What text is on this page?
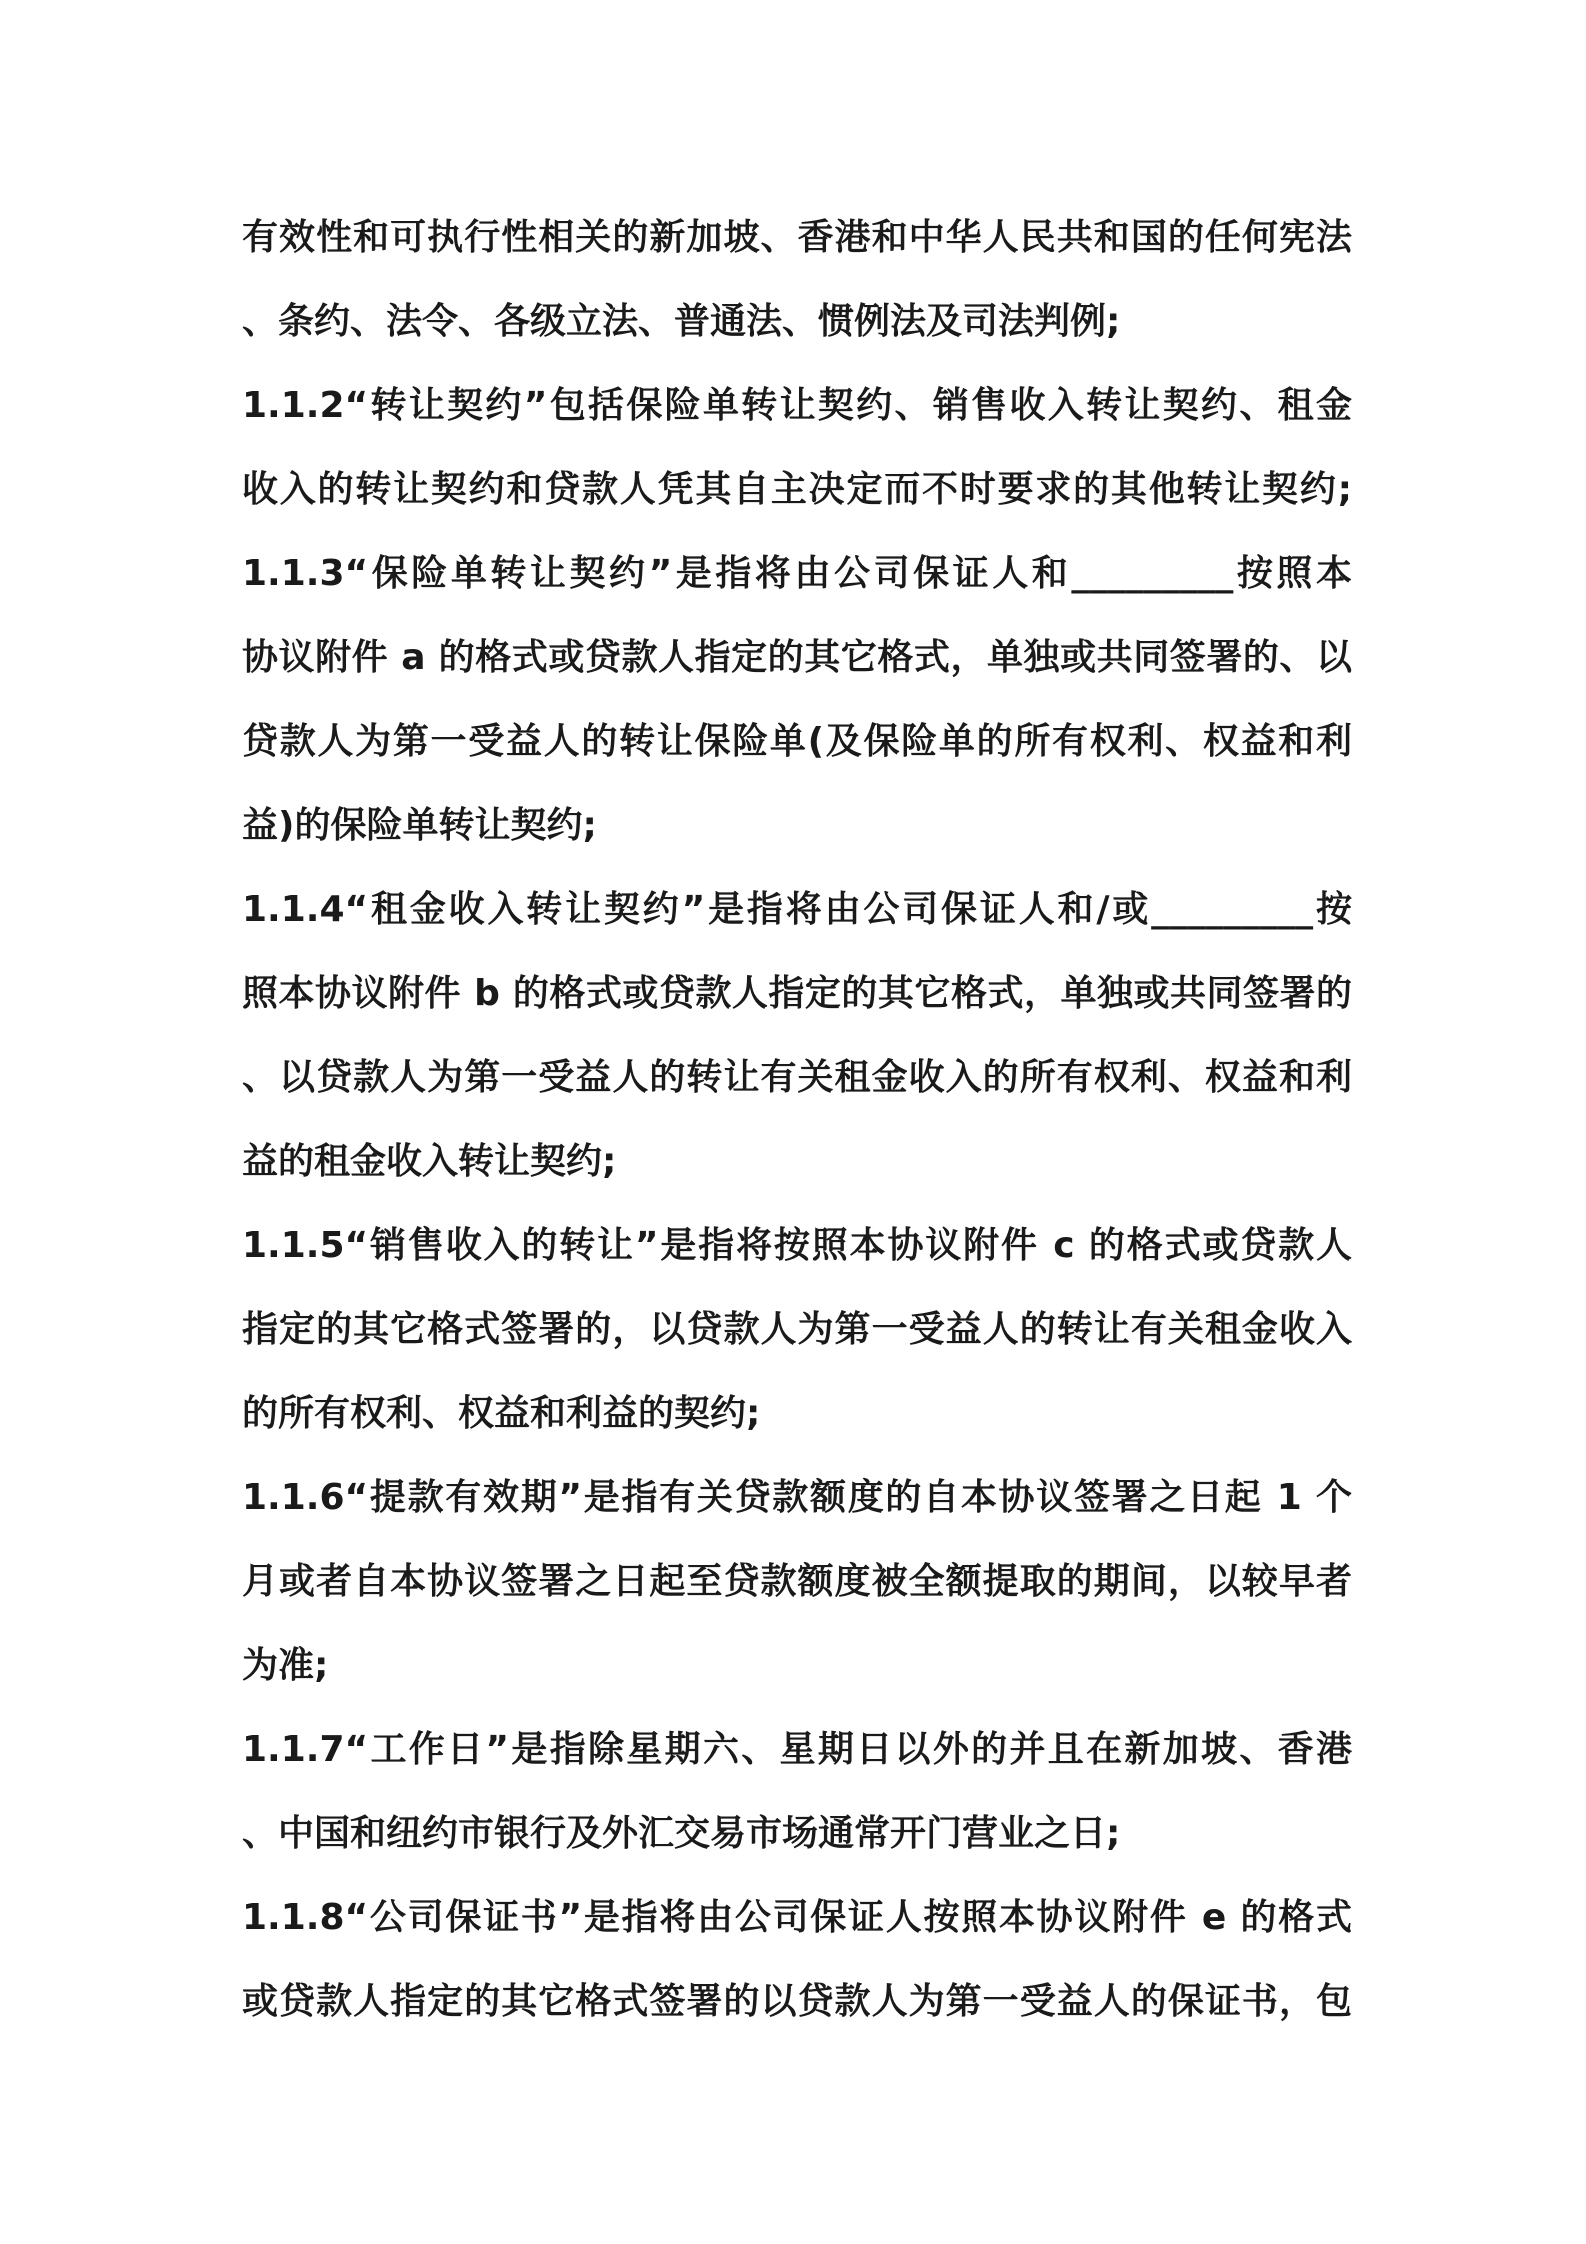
有效性和可执行性相关的新加坡、香港和中华人民共和国的任何宪法
、条约、法令、各级立法、普通法、惯例法及司法判例;
1.1.2“转让契约”包括保险单转让契约、销售收入转让契约、租金
收入的转让契约和贷款人凭其自主决定而不时要求的其他转让契约;
1.1.3“保险单转让契约”是指将由公司保证人和_________按照本
协议附件 a 的格式或贷款人指定的其它格式，单独或共同签署的、以
贷款人为第一受益人的转让保险单(及保险单的所有权利、权益和利
益)的保险单转让契约;
1.1.4“租金收入转让契约”是指将由公司保证人和/或_________按
照本协议附件 b 的格式或贷款人指定的其它格式，单独或共同签署的
、以贷款人为第一受益人的转让有关租金收入的所有权利、权益和利
益的租金收入转让契约;
1.1.5“销售收入的转让”是指将按照本协议附件 c 的格式或贷款人
指定的其它格式签署的，以贷款人为第一受益人的转让有关租金收入
的所有权利、权益和利益的契约;
1.1.6“提款有效期”是指有关贷款额度的自本协议签署之日起 1 个
月或者自本协议签署之日起至贷款额度被全额提取的期间，以较早者
为准;
1.1.7“工作日”是指除星期六、星期日以外的并且在新加坡、香港
、中国和纽约市银行及外汇交易市场通常开门营业之日;
1.1.8“公司保证书”是指将由公司保证人按照本协议附件 e 的格式
或贷款人指定的其它格式签署的以贷款人为第一受益人的保证书，包
